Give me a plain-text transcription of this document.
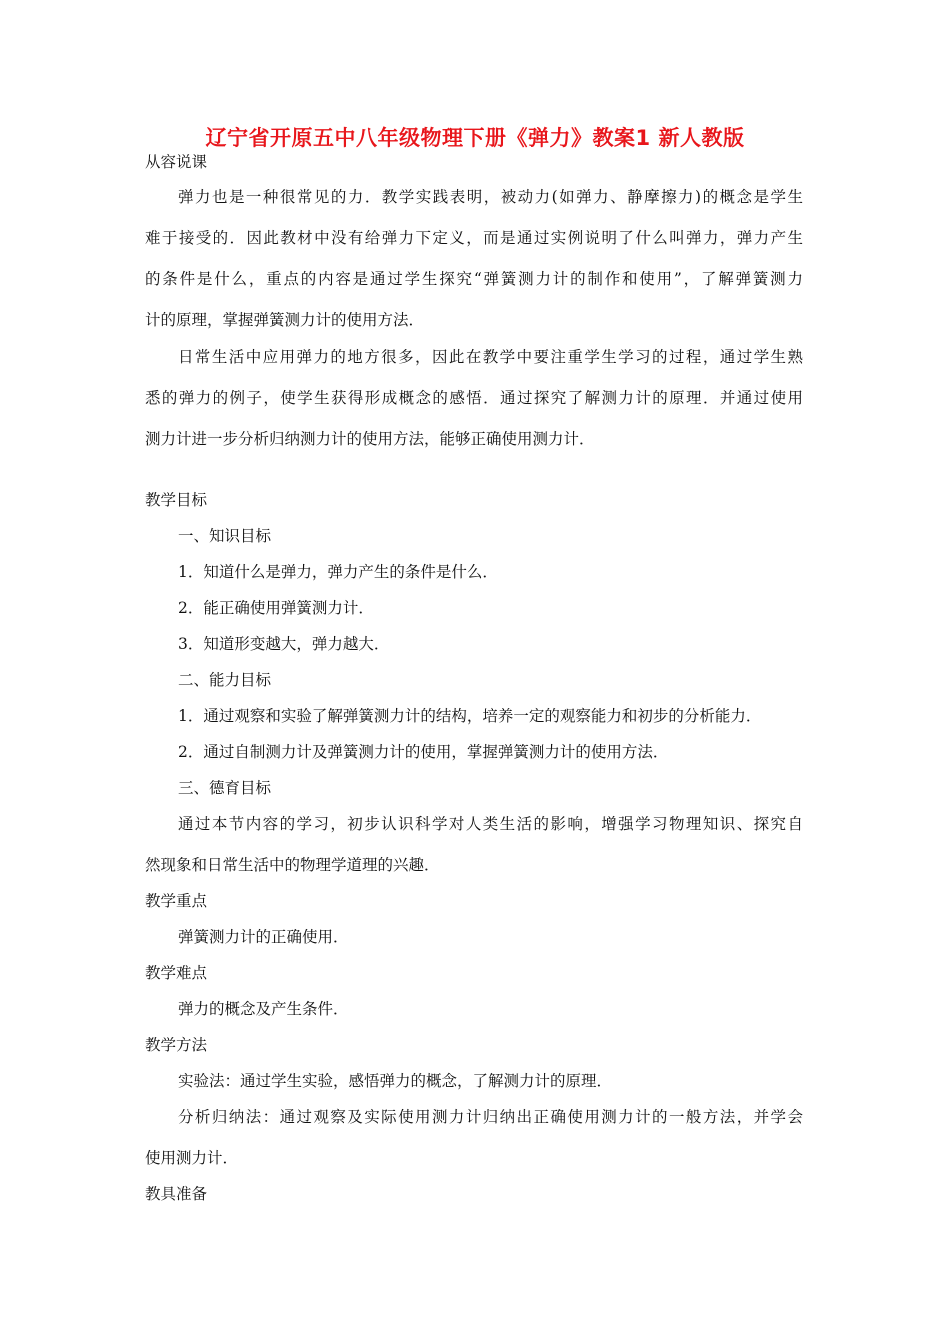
辽宁省开原五中八年级物理下册《弹力》教案1 新人教版
从容说课
弹力也是一种很常见的力．教学实践表明，被动力(如弹力、静摩擦力)的概念是学生
难于接受的．因此教材中没有给弹力下定义，而是通过实例说明了什么叫弹力，弹力产生
的条件是什么，重点的内容是通过学生探究“弹簧测力计的制作和使用”，了解弹簧测力
计的原理，掌握弹簧测力计的使用方法．
日常生活中应用弹力的地方很多，因此在教学中要注重学生学习的过程，通过学生熟
悉的弹力的例子，使学生获得形成概念的感悟．通过探究了解测力计的原理．并通过使用
测力计进一步分析归纳测力计的使用方法，能够正确使用测力计．
教学目标
一、知识目标
1．知道什么是弹力，弹力产生的条件是什么．
2．能正确使用弹簧测力计．
3．知道形变越大，弹力越大．
二、能力目标
1．通过观察和实验了解弹簧测力计的结构，培养一定的观察能力和初步的分析能力．
2．通过自制测力计及弹簧测力计的使用，掌握弹簧测力计的使用方法．
三、德育目标
通过本节内容的学习，初步认识科学对人类生活的影响，增强学习物理知识、探究自
然现象和日常生活中的物理学道理的兴趣．
教学重点
弹簧测力计的正确使用．
教学难点
弹力的概念及产生条件．
教学方法
实验法：通过学生实验，感悟弹力的概念，了解测力计的原理．
分析归纳法：通过观察及实际使用测力计归纳出正确使用测力计的一般方法，并学会
使用测力计．
教具准备
